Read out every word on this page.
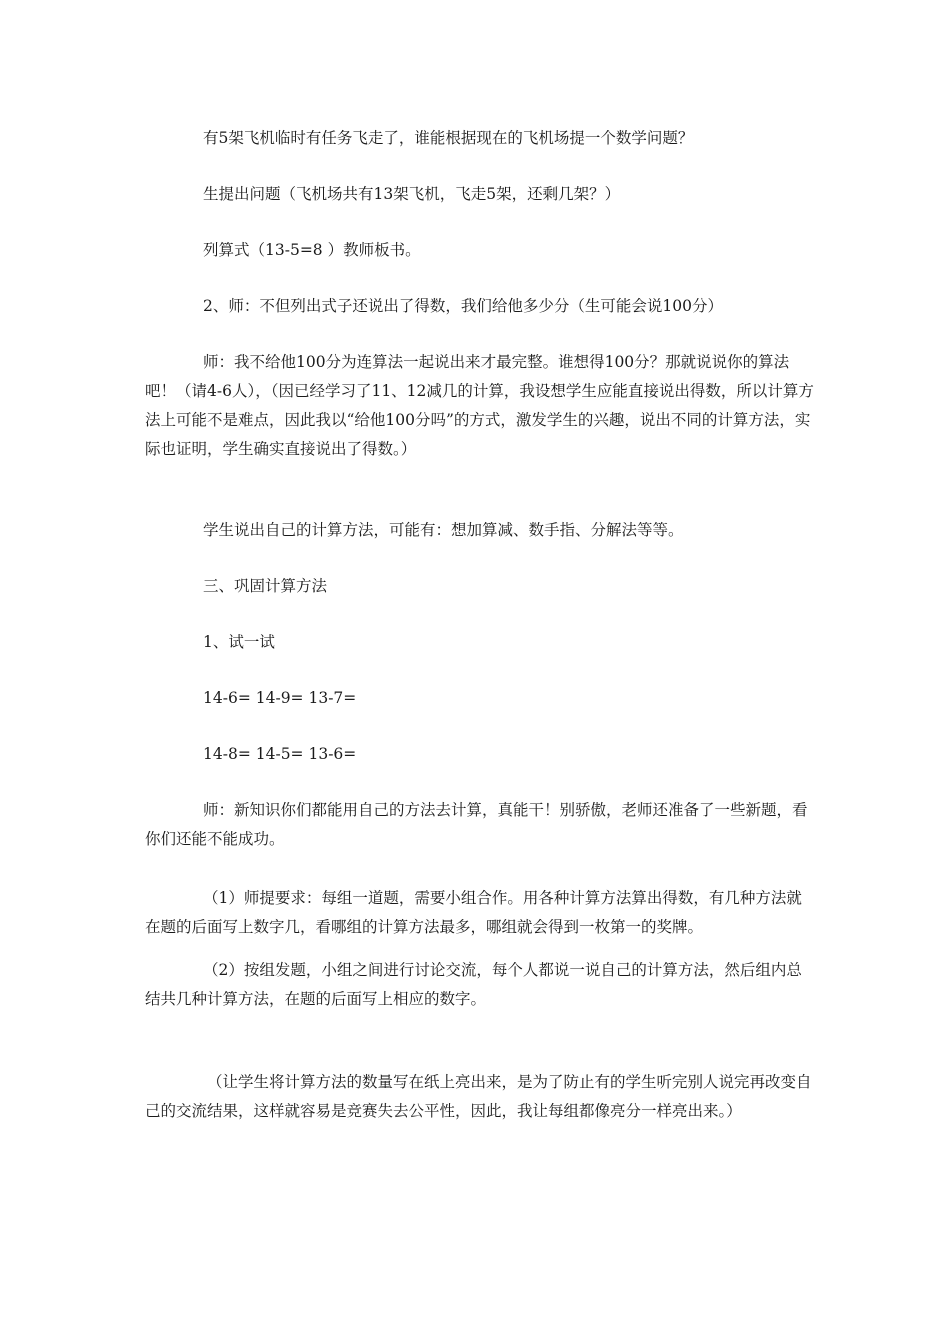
有5架飞机临时有任务飞走了，谁能根据现在的飞机场提一个数学问题？

生提出问题（飞机场共有13架飞机，飞走5架，还剩几架？）

列算式（13-5=8 ）教师板书。

2、师：不但列出式子还说出了得数，我们给他多少分（生可能会说100分）

师：我不给他100分为连算法一起说出来才最完整。谁想得100分？那就说说你的算法吧！（请4-6人），（因已经学习了11、12减几的计算，我设想学生应能直接说出得数，所以计算方法上可能不是难点，因此我以“给他100分吗”的方式，激发学生的兴趣，说出不同的计算方法，实际也证明，学生确实直接说出了得数。）

学生说出自己的计算方法，可能有：想加算减、数手指、分解法等等。

三、巩固计算方法

1、试一试

14-6= 14-9= 13-7=

14-8= 14-5= 13-6=

师：新知识你们都能用自己的方法去计算，真能干！别骄傲，老师还准备了一些新题，看你们还能不能成功。

（1）师提要求：每组一道题，需要小组合作。用各种计算方法算出得数，有几种方法就在题的后面写上数字几，看哪组的计算方法最多，哪组就会得到一枚第一的奖牌。

（2）按组发题，小组之间进行讨论交流，每个人都说一说自己的计算方法，然后组内总结共几种计算方法，在题的后面写上相应的数字。

（让学生将计算方法的数量写在纸上亮出来，是为了防止有的学生听完别人说完再改变自己的交流结果，这样就容易是竞赛失去公平性，因此，我让每组都像亮分一样亮出来。）
